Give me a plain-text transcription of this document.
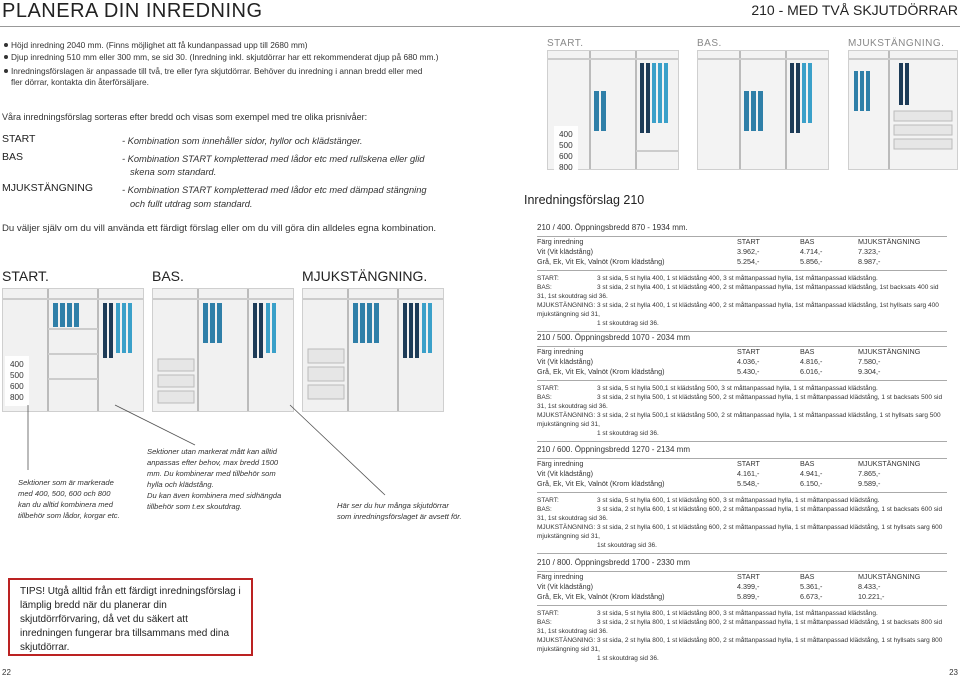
PLANERA DIN INREDNING	210 - MED TVÅ SKJUTDÖRRAR
Höjd inredning 2040 mm. (Finns möjlighet att få kundanpassad upp till 2680 mm)
Djup inredning 510 mm eller 300 mm, se sid 30. (Inredning inkl. skjutdörrar har ett rekommenderat djup på 680 mm.)
Inredningsförslagen är anpassade till två, tre eller fyra skjutdörrar. Behöver du inredning i annan bredd eller med
fler dörrar, kontakta din återförsäljare.
Våra inredningsförslag sorteras efter bredd och visas som exempel med tre olika prisnivåer:
START	- Kombination som innehåller sidor, hyllor och klädstänger.
BAS	- Kombination START kompletterad med lådor etc med rullskena eller glid
skena som standard.
MJUKSTÄNGNING	- Kombination START kompletterad med lådor etc med dämpad stängning
och fullt utdrag som standard.
Du väljer själv om du vill använda ett färdigt förslag eller om du vill göra din alldeles egna kombination.
START.	BAS.	MJUKSTÄNGNING.
400
500
600
800
Sektioner som är markerade
med 400, 500, 600 och 800
kan du alltid kombinera med
tillbehör som lådor, korgar etc.
Sektioner utan markerat mått kan alltid
anpassas efter behov, max bredd 1500
mm. Du kombinerar med tillbehör som
hylla och klädstång.
Du kan även kombinera med sidhängda
tillbehör som t.ex skoutdrag.	Här ser du hur många skjutdörrar
som inredningsförslaget är avsett för.
TIPS! Utgå alltid från ett färdigt inredningsförslag i lämplig bredd när du planerar din skjutdörrförvaring, då vet du säkert att inredningen fungerar bra tillsammans med dina skjutdörrar.
22	23
START.	BAS.	MJUKSTÄNGNING.
400
500
600
800
Inredningsförslag 210
210 / 400. Öppningsbredd 870 - 1934 mm.
Färg inredning	START	BAS	MJUKSTÄNGNING
Vit (Vit klädstång)	3.962,-	4.714,-	7.323,-
Grå, Ek, Vit Ek, Valnöt (Krom klädstång)	5.254,-	5.856,-	8.987,-
START:	3 st sida, 5 st hylla 400, 1 st klädstång 400, 3 st måttanpassad hylla, 1st måttanpassad klädstång.
BAS:	3 st sida, 2 st hylla 400, 1 st klädstång 400, 2 st måttanpassad hylla, 1st måttanpassad klädstång, 1st backsats 400 sid 31, 1st skoutdrag sid 36.
MJUKSTÄNGNING: 3 st sida, 2 st hylla 400, 1 st klädstång 400, 2 st måttanpassad hylla, 1st måttanpassad klädstång, 1st hyllsats sarg 400 mjukstängning sid 31,
1 st skoutdrag sid 36.
210 / 500. Öppningsbredd 1070 - 2034 mm
Färg inredning	START	BAS	MJUKSTÄNGNING
Vit (Vit klädstång)	4.036,-	4.816,-	7.580,-
Grå, Ek, Vit Ek, Valnöt (Krom klädstång)	5.430,-	6.016,-	9.304,-
START:	3 st sida, 5 st hylla 500,1 st klädstång 500, 3 st måttanpassad hylla, 1 st måttanpassad klädstång.
BAS:	3 st sida, 2 st hylla 500, 1 st klädstång 500, 2 st måttanpassad hylla, 1 st måttanpassad klädstång, 1 st backsats 500 sid 31, 1st skoutdrag sid 36.
MJUKSTÄNGNING: 3 st sida, 2 st hylla 500,1 st klädstång 500, 2 st måttanpassad hylla, 1 st måttanpassad klädstång, 1 st hyllsats sarg 500 mjukstängning sid 31,
1 st skoutdrag sid 36.
210 / 600. Öppningsbredd 1270 - 2134 mm
Färg inredning	START	BAS	MJUKSTÄNGNING
Vit (Vit klädstång)	4.161,-	4.941,-	7.865,-
Grå, Ek, Vit Ek, Valnöt (Krom klädstång)	5.548,-	6.150,-	9.589,-
START:	3 st sida, 5 st hylla 600, 1 st klädstång 600, 3 st måttanpassad hylla, 1 st måttanpassad klädstång.
BAS:	3 st sida, 2 st hylla 600, 1 st klädstång 600, 2 st måttanpassad hylla, 1 st måttanpassad klädstång, 1 st backsats 600 sid 31, 1st skoutdrag sid 36.
MJUKSTÄNGNING: 3 st sida, 2 st hylla 600, 1 st klädstång 600, 2 st måttanpassad hylla, 1 st måttanpassad klädstång, 1 st hyllsats sarg 600 mjukstängning sid 31,
1st skoutdrag sid 36.
210 / 800. Öppningsbredd 1700 - 2330 mm
Färg inredning	START	BAS	MJUKSTÄNGNING
Vit (Vit klädstång)	4.399,-	5.361,-	8.433,-
Grå, Ek, Vit Ek, Valnöt (Krom klädstång)	5.899,-	6.673,-	10.221,-
START:	3 st sida, 5 st hylla 800, 1 st klädstång 800, 3 st måttanpassad hylla, 1st måttanpassad klädstång.
BAS:	3 st sida, 2 st hylla 800, 1 st klädstång 800, 2 st måttanpassad hylla, 1 st måttanpassad klädstång, 1 st backsats 800 sid 31, 1st skoutdrag sid 36.
MJUKSTÄNGNING: 3 st sida, 2 st hylla 800, 1 st klädstång 800, 2 st måttanpassad hylla, 1 st måttanpassad klädstång, 1 st hyllsats sarg 800 mjukstängning sid 31,
1 st skoutdrag sid 36.
